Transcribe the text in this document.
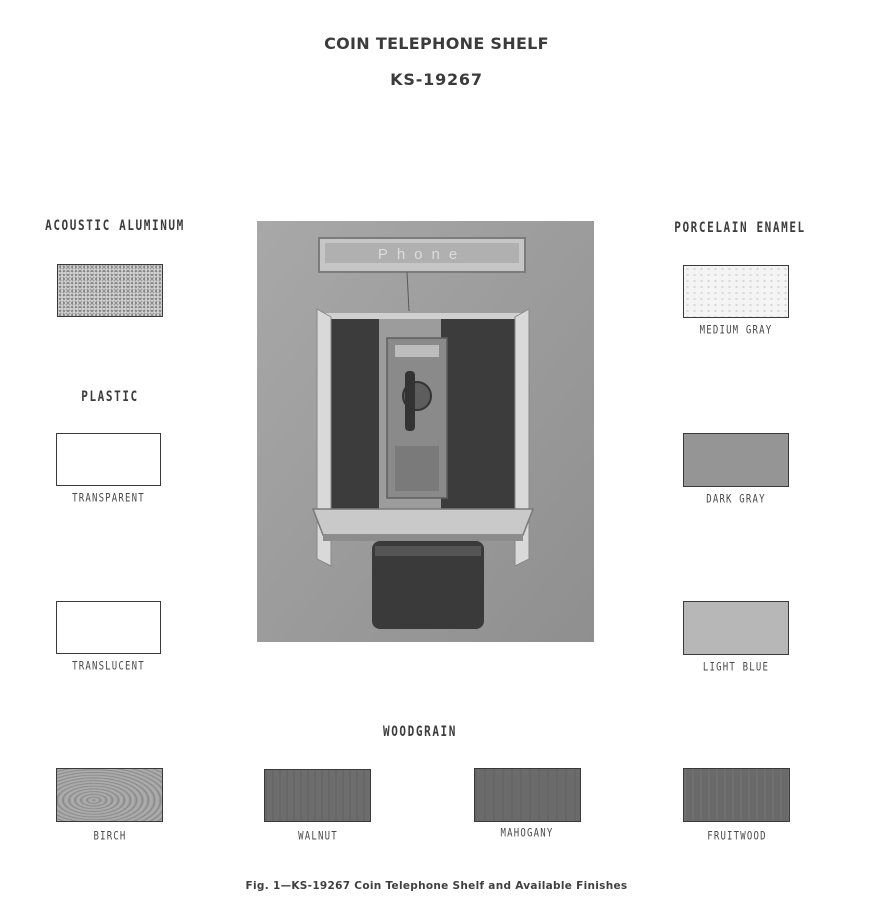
COIN TELEPHONE SHELF
KS-19267
ACOUSTIC ALUMINUM
PLASTIC
TRANSPARENT
TRANSLUCENT
PORCELAIN ENAMEL
MEDIUM GRAY
DARK GRAY
LIGHT BLUE
Phone
WOODGRAIN
BIRCH	WALNUT	MAHOGANY	FRUITWOOD
Fig. 1—KS-19267 Coin Telephone Shelf and Available Finishes
